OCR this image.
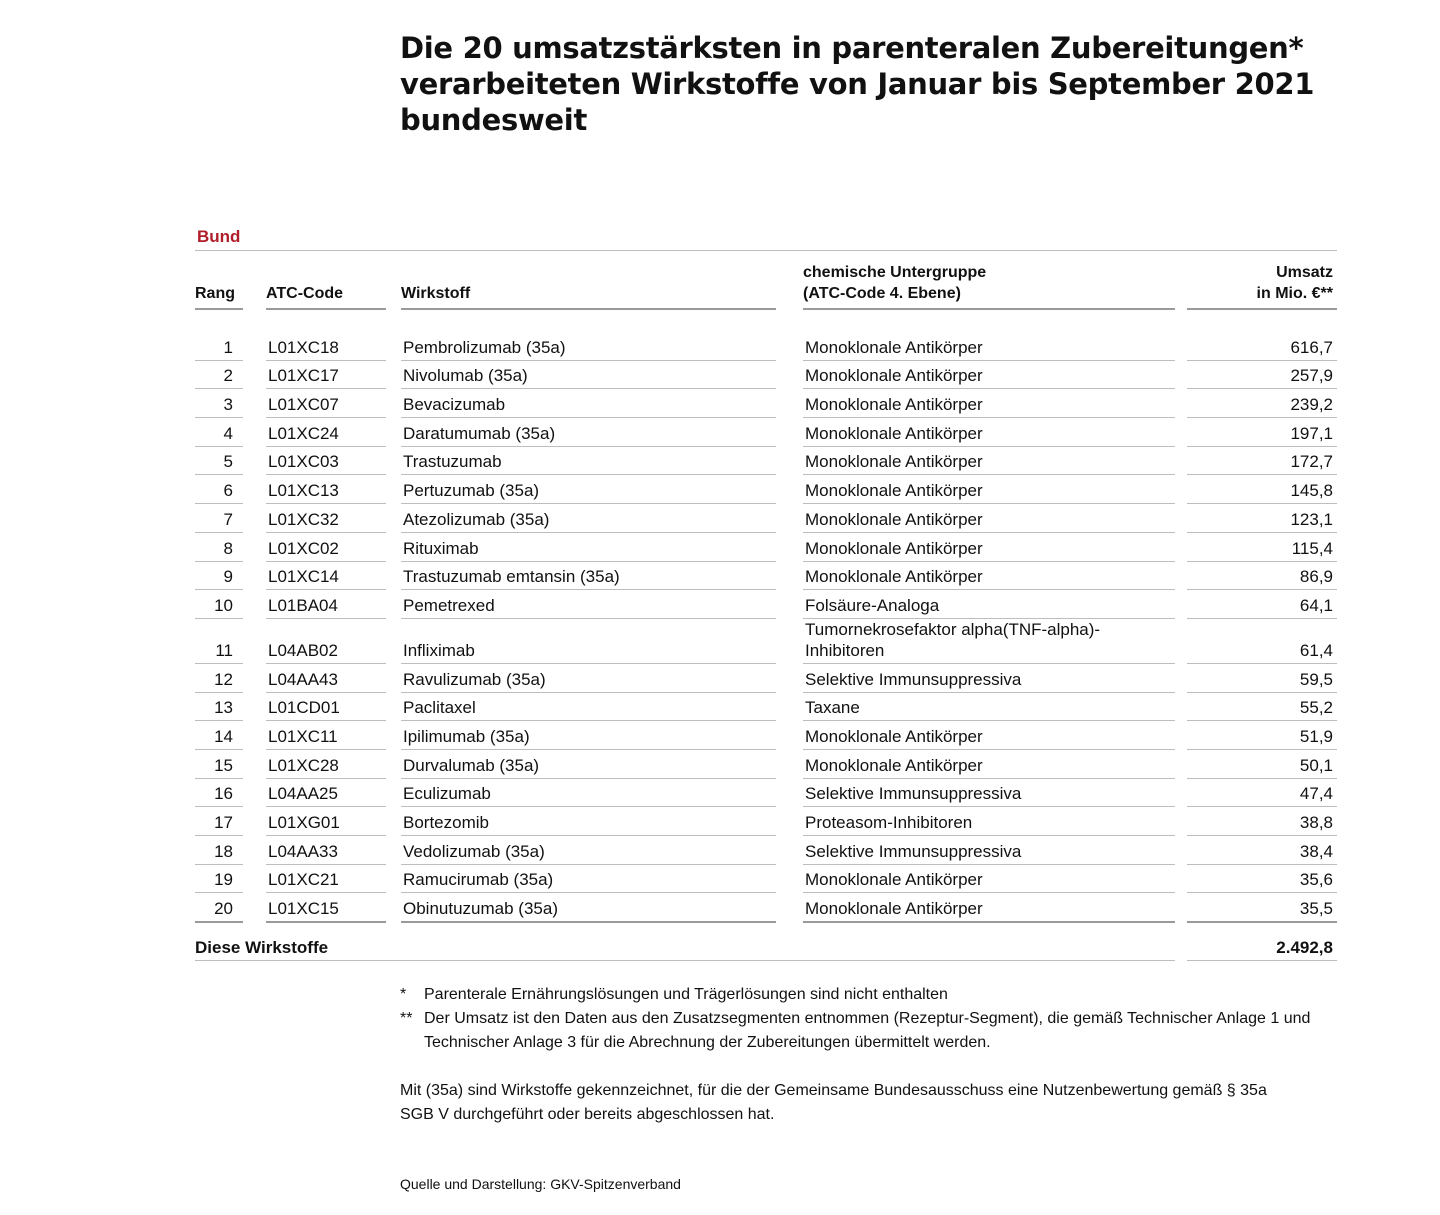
Die 20 umsatzstärksten in parenteralen Zubereitungen*
verarbeiteten Wirkstoffe von Januar bis September 2021
bundesweit
Bund
Rang		ATC-Code		Wirkstoff		chemische Untergruppe
(ATC-Code 4. Ebene)		Umsatz
in Mio. €**

1		L01XC18		Pembrolizumab (35a)		Monoklonale Antikörper		616,7
2		L01XC17		Nivolumab (35a)		Monoklonale Antikörper		257,9
3		L01XC07		Bevacizumab		Monoklonale Antikörper		239,2
4		L01XC24		Daratumumab (35a)		Monoklonale Antikörper		197,1
5		L01XC03		Trastuzumab		Monoklonale Antikörper		172,7
6		L01XC13		Pertuzumab (35a)		Monoklonale Antikörper		145,8
7		L01XC32		Atezolizumab (35a)		Monoklonale Antikörper		123,1
8		L01XC02		Rituximab		Monoklonale Antikörper		115,4
9		L01XC14		Trastuzumab emtansin (35a)		Monoklonale Antikörper		86,9
10		L01BA04		Pemetrexed		Folsäure-Analoga		64,1
11		L04AB02		Infliximab		Tumornekrosefaktor alpha(TNF-alpha)-
Inhibitoren		61,4
12		L04AA43		Ravulizumab (35a)		Selektive Immunsuppressiva		59,5
13		L01CD01		Paclitaxel		Taxane		55,2
14		L01XC11		Ipilimumab (35a)		Monoklonale Antikörper		51,9
15		L01XC28		Durvalumab (35a)		Monoklonale Antikörper		50,1
16		L04AA25		Eculizumab		Selektive Immunsuppressiva		47,4
17		L01XG01		Bortezomib		Proteasom-Inhibitoren		38,8
18		L04AA33		Vedolizumab (35a)		Selektive Immunsuppressiva		38,4
19		L01XC21		Ramucirumab (35a)		Monoklonale Antikörper		35,6
20		L01XC15		Obinutuzumab (35a)		Monoklonale Antikörper		35,5
Diese Wirkstoffe								2.492,8
*	Parenterale Ernährungslösungen und Trägerlösungen sind nicht enthalten
** Der Umsatz ist den Daten aus den Zusatzsegmenten entnommen (Rezeptur-Segment), die gemäß Technischer Anlage 1 und Technischer Anlage 3 für die Abrechnung der Zubereitungen übermittelt werden.
Mit (35a) sind Wirkstoffe gekennzeichnet, für die der Gemeinsame Bundesausschuss eine Nutzenbewertung gemäß § 35a SGB V durchgeführt oder bereits abgeschlossen hat.
Quelle und Darstellung: GKV-Spitzenverband
